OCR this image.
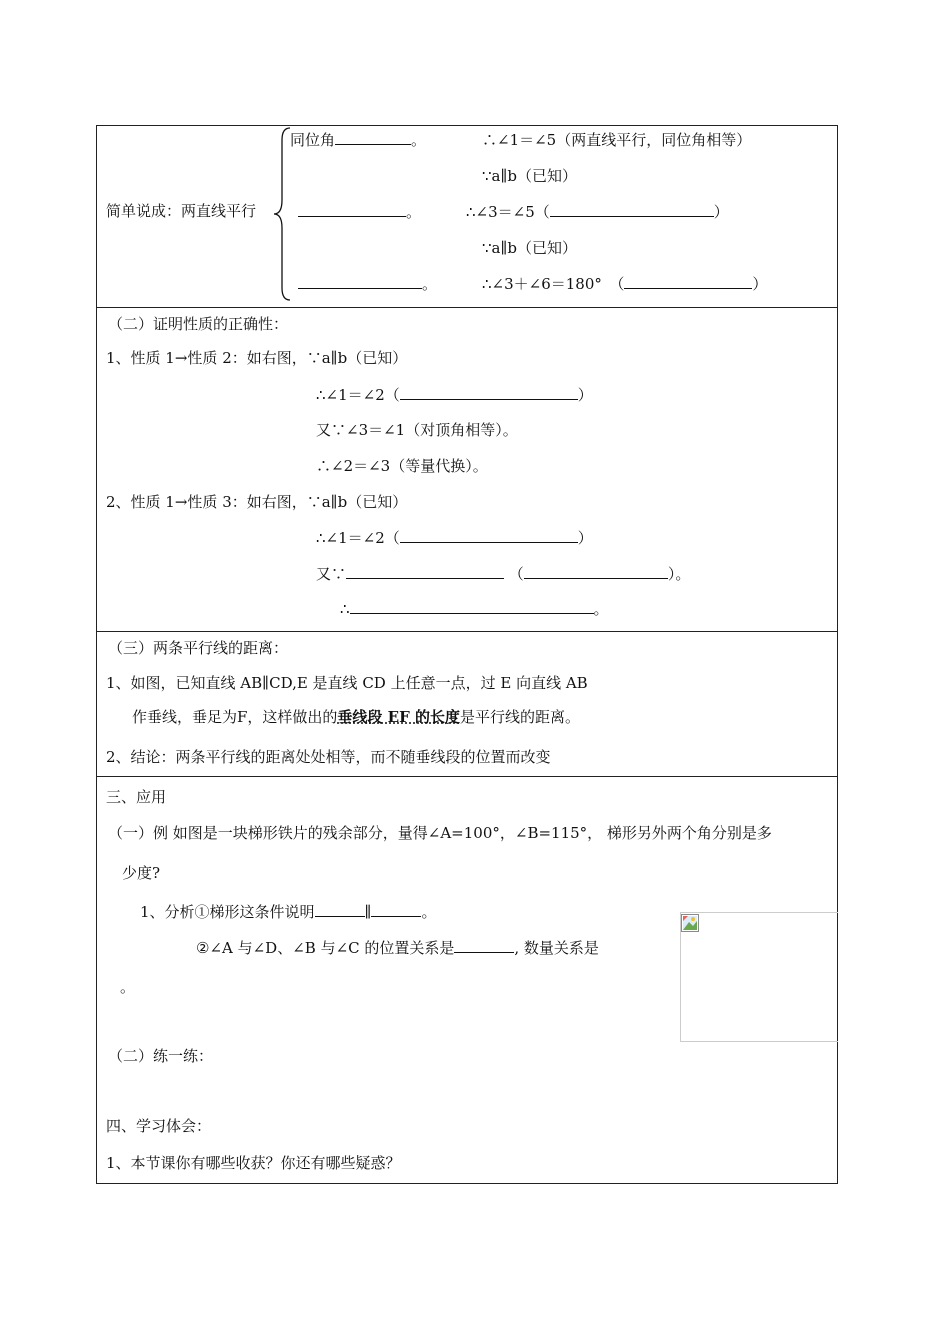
简单说成：两直线平行
同位角	。	∴∠1＝∠5（两直线平行，同位角相等）
∵a∥b（已知）
。	∴∠3＝∠5（	）
∵a∥b（已知）
。	∴∠3＋∠6＝180°　（	）
（二）证明性质的正确性：
1、性质 1→性质 2：如右图，∵a∥b（已知）
∴∠1＝∠2（	）
又∵∠3＝∠1（对顶角相等）。
∴∠2＝∠3（等量代换）。
2、性质 1→性质 3：如右图，∵a∥b（已知）
∴∠1＝∠2（	）
又∵	（	）。
∴	。
（三）两条平行线的距离：
1、如图，已知直线 AB∥CD,E 是直线 CD 上任意一点，过 E 向直线 AB
作垂线，垂足为F，这样做出的垂线段 EF 的长度是平行线的距离。
2、结论：两条平行线的距离处处相等，而不随垂线段的位置而改变
三、应用
（一）例 如图是一块梯形铁片的残余部分，量得∠A=100°，∠B=115°， 梯形另外两个角分别是多
少度?
1、分析①梯形这条件说明	∥	。
②∠A 与∠D、∠B 与∠C 的位置关系是	, 数量关系是
。
（二）练一练：
四、学习体会：
1、本节课你有哪些收获？你还有哪些疑惑？
